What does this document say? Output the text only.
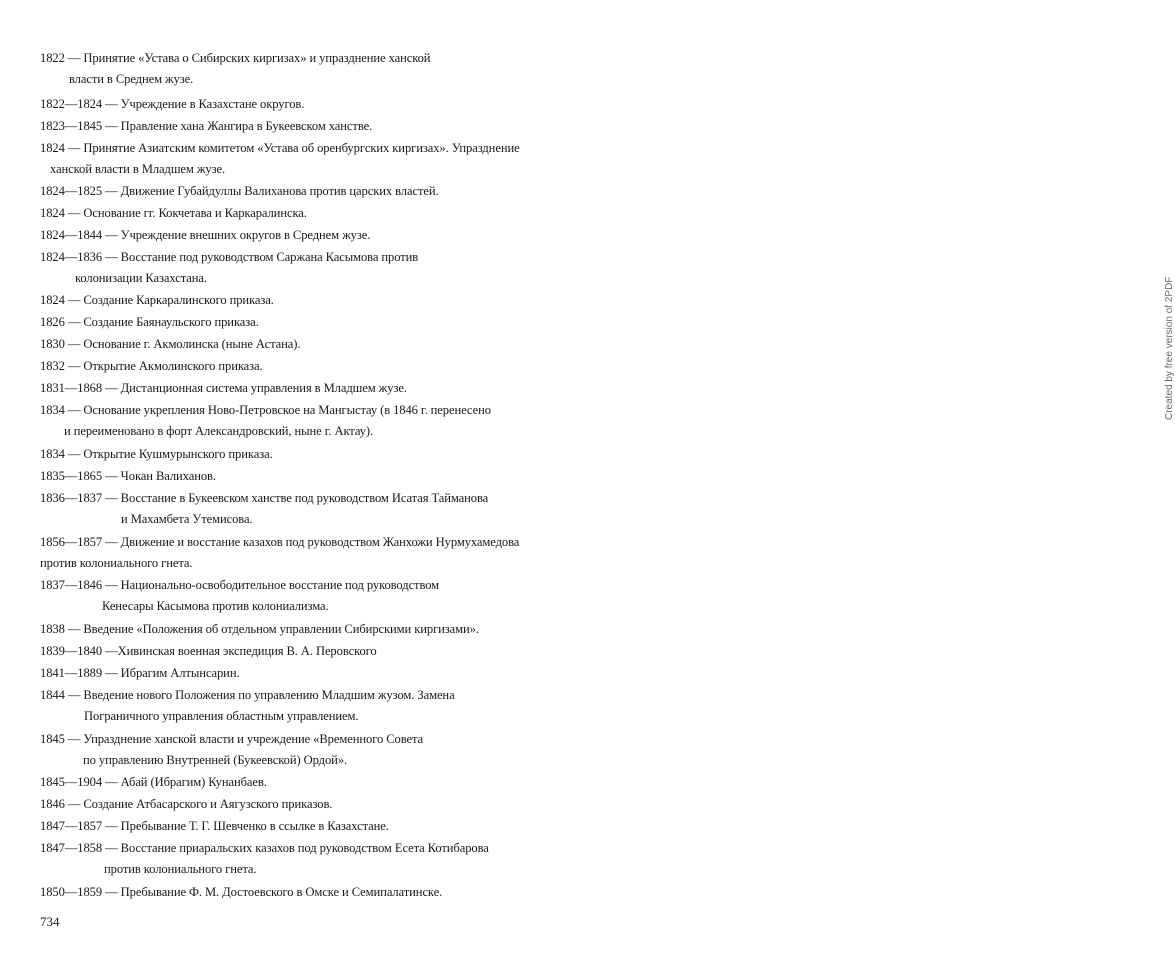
1822 — Принятие «Устава о Сибирских киргизах» и упразднение ханской
власти в Среднем жузе.
1822—1824 — Учреждение в Казахстане округов.
1823—1845 — Правление хана Жангира в Букеевском ханстве.
1824 — Принятие Азиатским комитетом «Устава об оренбургских киргизах». Упразднение
ханской власти в Младшем жузе.
1824—1825 — Движение Губайдуллы Валиханова против царских властей.
1824 — Основание гг. Кокчетава и Каркаралинска.
1824—1844 — Учреждение внешних округов в Среднем жузе.
1824—1836 — Восстание под руководством Саржана Касымова против
колонизации Казахстана.
1824 — Создание Каркаралинского приказа.
1826 — Создание Баянаульского приказа.
1830 — Основание г. Акмолинска (ныне Астана).
1832 — Открытие Акмолинского приказа.
1831—1868 — Дистанционная система управления в Младшем жузе.
1834 — Основание укрепления Ново-Петровское на Мангыстау (в 1846 г. перенесено
и переименовано в форт Александровский, ныне г. Актау).
1834 — Открытие Кушмурынского приказа.
1835—1865 — Чокан Валиханов.
1836—1837 — Восстание в Букеевском ханстве под руководством Исатая Тайманова
и Махамбета Утемисова.
1856—1857 — Движение и восстание казахов под руководством Жанхожи Нурмухамедова
против колониального гнета.
1837—1846 — Национально-освободительное восстание под руководством
Кенесары Касымова против колониализма.
1838 — Введение «Положения об отдельном управлении Сибирскими киргизами».
1839—1840 —Хивинская военная экспедиция В. А. Перовского
1841—1889 — Ибрагим Алтынсарин.
1844 — Введение нового Положения по управлению Младшим жузом. Замена
Пограничного управления областным управлением.
1845 — Упразднение ханской власти и учреждение «Временного Совета
по управлению Внутренней (Букеевской) Ордой».
1845—1904 — Абай (Ибрагим) Кунанбаев.
1846 — Создание Атбасарского и Аягузского приказов.
1847—1857 — Пребывание Т. Г. Шевченко в ссылке в Казахстане.
1847—1858 — Восстание приаральских казахов под руководством Есета Котибарова
против колониального гнета.
1850—1859 — Пребывание Ф. М. Достоевского в Омске и Семипалатинске.
734
Created by free version of 2PDF
